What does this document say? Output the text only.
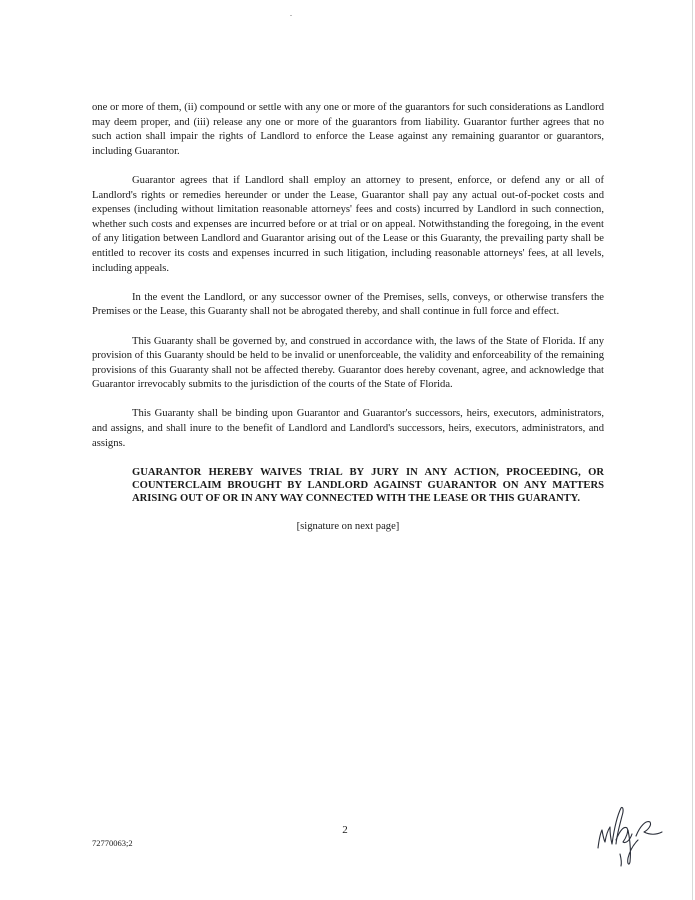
one or more of them, (ii) compound or settle with any one or more of the guarantors for such considerations as Landlord may deem proper, and (iii) release any one or more of the guarantors from liability. Guarantor further agrees that no such action shall impair the rights of Landlord to enforce the Lease against any remaining guarantor or guarantors, including Guarantor.

Guarantor agrees that if Landlord shall employ an attorney to present, enforce, or defend any or all of Landlord's rights or remedies hereunder or under the Lease, Guarantor shall pay any actual out-of-pocket costs and expenses (including without limitation reasonable attorneys' fees and costs) incurred by Landlord in such connection, whether such costs and expenses are incurred before or at trial or on appeal. Notwithstanding the foregoing, in the event of any litigation between Landlord and Guarantor arising out of the Lease or this Guaranty, the prevailing party shall be entitled to recover its costs and expenses incurred in such litigation, including reasonable attorneys' fees, at all levels, including appeals.

In the event the Landlord, or any successor owner of the Premises, sells, conveys, or otherwise transfers the Premises or the Lease, this Guaranty shall not be abrogated thereby, and shall continue in full force and effect.

This Guaranty shall be governed by, and construed in accordance with, the laws of the State of Florida. If any provision of this Guaranty should be held to be invalid or unenforceable, the validity and enforceability of the remaining provisions of this Guaranty shall not be affected thereby. Guarantor does hereby covenant, agree, and acknowledge that Guarantor irrevocably submits to the jurisdiction of the courts of the State of Florida.

This Guaranty shall be binding upon Guarantor and Guarantor's successors, heirs, executors, administrators, and assigns, and shall inure to the benefit of Landlord and Landlord's successors, heirs, executors, administrators, and assigns.

GUARANTOR HEREBY WAIVES TRIAL BY JURY IN ANY ACTION, PROCEEDING, OR COUNTERCLAIM BROUGHT BY LANDLORD AGAINST GUARANTOR ON ANY MATTERS ARISING OUT OF OR IN ANY WAY CONNECTED WITH THE LEASE OR THIS GUARANTY.

[signature on next page]

2
72770063;2
